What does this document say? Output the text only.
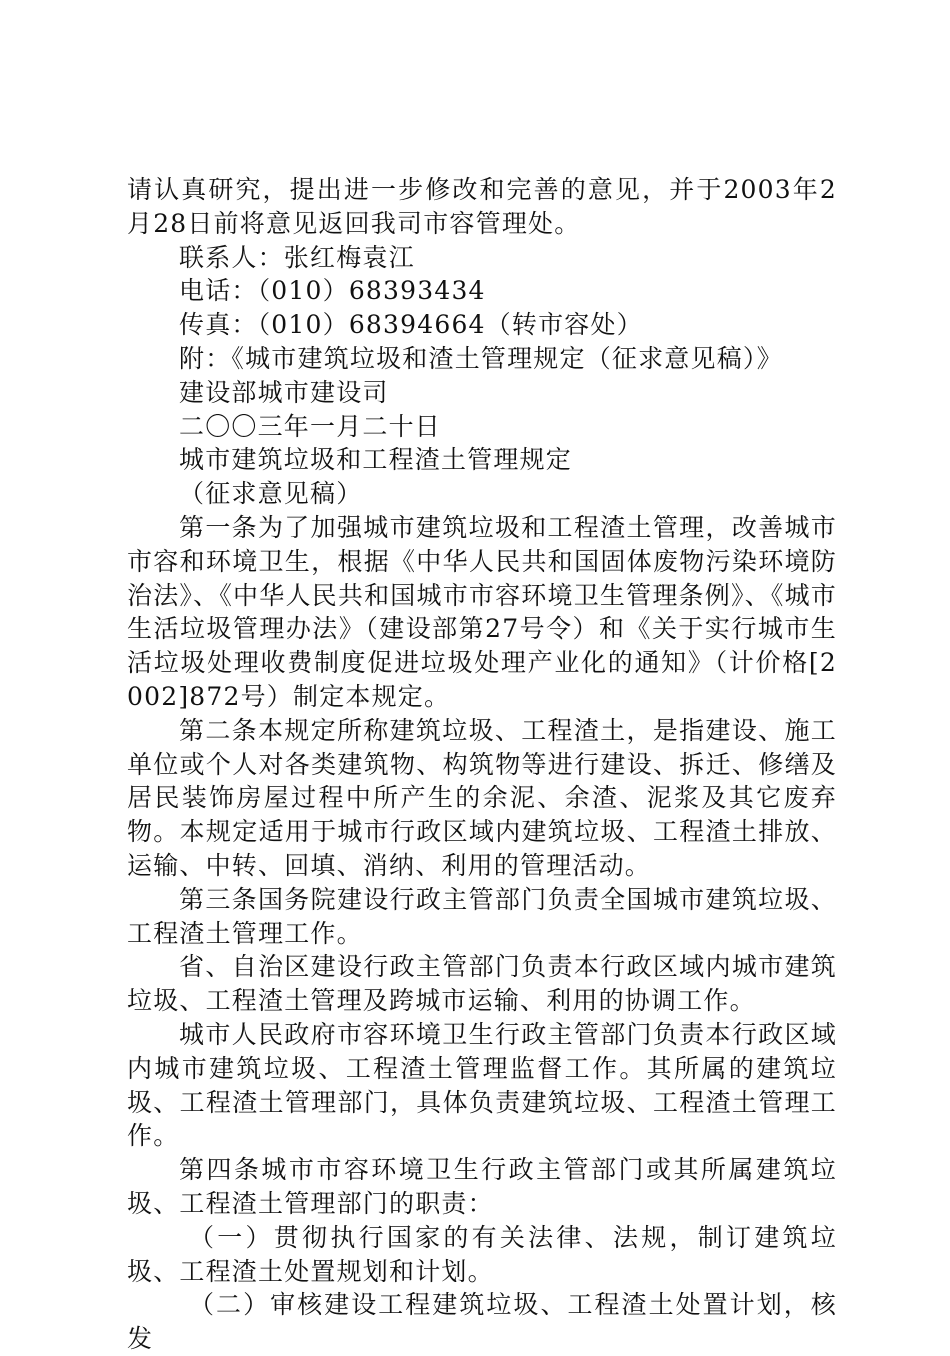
请认真研究，提出进一步修改和完善的意见，并于2003年2月28日前将意见返回我司市容管理处。

联系人：张红梅袁江

电话：（010）68393434

传真：（010）68394664（转市容处）

附：《城市建筑垃圾和渣土管理规定（征求意见稿）》

建设部城市建设司

二〇〇三年一月二十日

城市建筑垃圾和工程渣土管理规定

（征求意见稿）

第一条为了加强城市建筑垃圾和工程渣土管理，改善城市市容和环境卫生，根据《中华人民共和国固体废物污染环境防治法》、《中华人民共和国城市市容环境卫生管理条例》、《城市生活垃圾管理办法》（建设部第27号令）和《关于实行城市生活垃圾处理收费制度促进垃圾处理产业化的通知》（计价格[2002]872号）制定本规定。

第二条本规定所称建筑垃圾、工程渣土，是指建设、施工单位或个人对各类建筑物、构筑物等进行建设、拆迁、修缮及居民装饰房屋过程中所产生的余泥、余渣、泥浆及其它废弃物。本规定适用于城市行政区域内建筑垃圾、工程渣土排放、运输、中转、回填、消纳、利用的管理活动。

第三条国务院建设行政主管部门负责全国城市建筑垃圾、工程渣土管理工作。

省、自治区建设行政主管部门负责本行政区域内城市建筑垃圾、工程渣土管理及跨城市运输、利用的协调工作。

城市人民政府市容环境卫生行政主管部门负责本行政区域内城市建筑垃圾、工程渣土管理监督工作。其所属的建筑垃圾、工程渣土管理部门，具体负责建筑垃圾、工程渣土管理工作。

第四条城市市容环境卫生行政主管部门或其所属建筑垃圾、工程渣土管理部门的职责：

（一）贯彻执行国家的有关法律、法规，制订建筑垃圾、工程渣土处置规划和计划。

（二）审核建设工程建筑垃圾、工程渣土处置计划，核发
